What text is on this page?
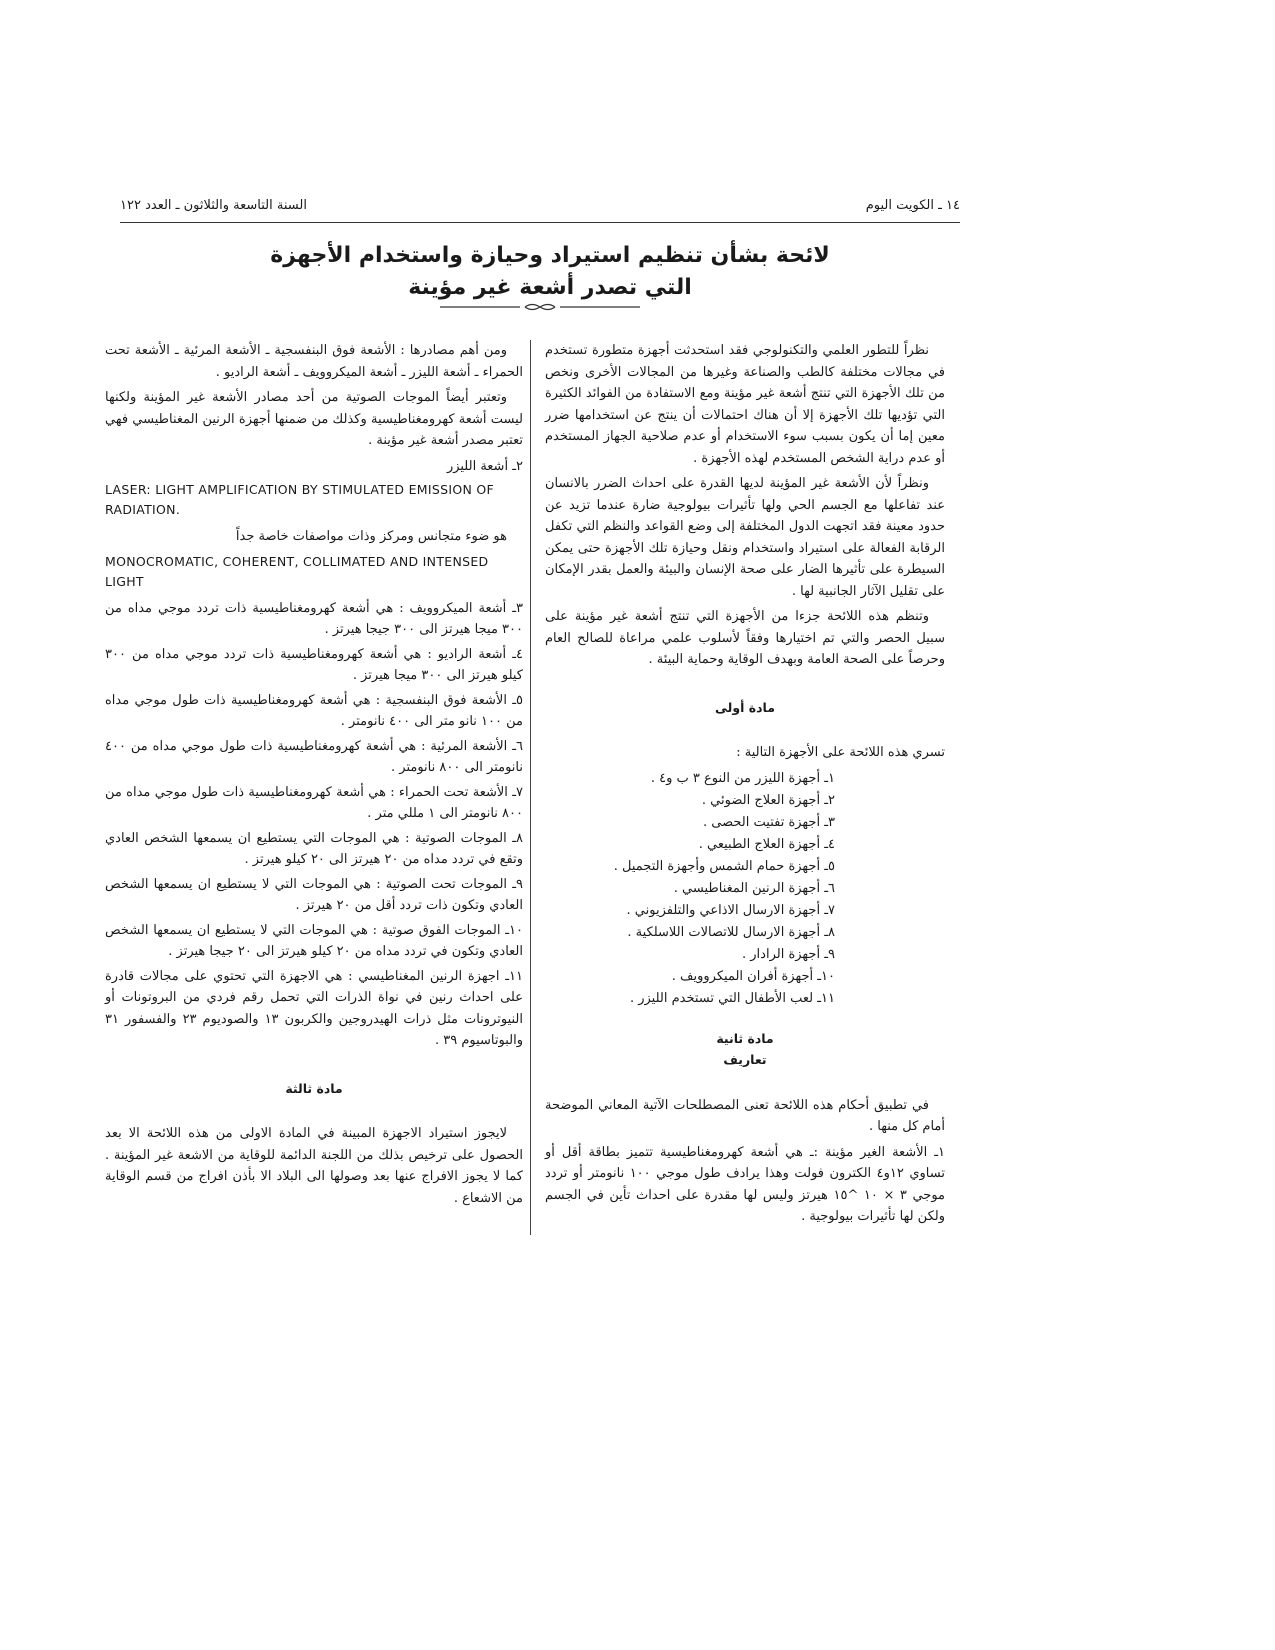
١٤ ـ الكويت اليوم
السنة التاسعة والثلاثون ـ العدد ١٢٢
لائحة بشأن تنظيم استيراد وحيازة واستخدام الأجهزة
التي تصدر أشعة غير مؤينة

نظراً للتطور العلمي والتكنولوجي فقد استحدثت أجهزة متطورة تستخدم في مجالات مختلفة كالطب والصناعة وغيرها من المجالات الأخرى ونخص من تلك الأجهزة التي تنتج أشعة غير مؤينة ومع الاستفادة من الفوائد الكثيرة التي تؤديها تلك الأجهزة إلا أن هناك احتمالات أن ينتج عن استخدامها ضرر معين إما أن يكون بسبب سوء الاستخدام أو عدم صلاحية الجهاز المستخدم أو عدم دراية الشخص المستخدم لهذه الأجهزة .

ونظراً لأن الأشعة غير المؤينة لديها القدرة على احداث الضرر بالانسان عند تفاعلها مع الجسم الحي ولها تأثيرات بيولوجية ضارة عندما تزيد عن حدود معينة فقد اتجهت الدول المختلفة إلى وضع القواعد والنظم التي تكفل الرقابة الفعالة على استيراد واستخدام ونقل وحيازة تلك الأجهزة حتى يمكن السيطرة على تأثيرها الضار على صحة الإنسان والبيئة والعمل بقدر الإمكان على تقليل الآثار الجانبية لها .

وتنظم هذه اللائحة جزءا من الأجهزة التي تنتج أشعة غير مؤينة على سبيل الحصر والتي تم اختيارها وفقاً لأسلوب علمي مراعاة للصالح العام وحرصاً على الصحة العامة وبهدف الوقاية وحماية البيئة .

مادة أولى

تسري هذه اللائحة على الأجهزة التالية :

١ـ أجهزة الليزر من النوع ٣ ب و٤ .
٢ـ أجهزة العلاج الضوئي .
٣ـ أجهزة تفتيت الحصى .
٤ـ أجهزة العلاج الطبيعي .
٥ـ أجهزة حمام الشمس وأجهزة التجميل .
٦ـ أجهزة الرنين المغناطيسي .
٧ـ أجهزة الارسال الاذاعي والتلفزيوني .
٨ـ أجهزة الارسال للاتصالات اللاسلكية .
٩ـ أجهزة الرادار .
١٠ـ أجهزة أفران الميكروويف .
١١ـ لعب الأطفال التي تستخدم الليزر .
مادة ثانية
تعاريف

في تطبيق أحكام هذه اللائحة تعنى المصطلحات الآتية المعاني الموضحة أمام كل منها .

١ـ الأشعة الغير مؤينة :ـ هي أشعة كهرومغناطيسية تتميز بطاقة أقل أو تساوي ١٢و٤ الكترون فولت وهذا يرادف طول موجي ١٠٠ نانومتر أو تردد موجي ٣ × ١٠ ^١٥ هيرتز وليس لها مقدرة على احداث تأين في الجسم ولكن لها تأثيرات بيولوجية .

ومن أهم مصادرها : الأشعة فوق البنفسجية ـ الأشعة المرئية ـ الأشعة تحت الحمراء ـ أشعة الليزر ـ أشعة الميكروويف ـ أشعة الراديو .

وتعتبر أيضاً الموجات الصوتية من أحد مصادر الأشعة غير المؤينة ولكنها ليست أشعة كهرومغناطيسية وكذلك من ضمنها أجهزة الرنين المغناطيسي فهي تعتبر مصدر أشعة غير مؤينة .

٢ـ أشعة الليزر

LASER: LIGHT AMPLIFICATION BY STIMULATED EMISSION OF RADIATION.

هو ضوء متجانس ومركز وذات مواصفات خاصة جداً

MONOCROMATIC, COHERENT, COLLIMATED AND INTENSED LIGHT

٣ـ أشعة الميكروويف : هي أشعة كهرومغناطيسية ذات تردد موجي مداه من ٣٠٠ ميجا هيرتز الى ٣٠٠ جيجا هيرتز .

٤ـ أشعة الراديو : هي أشعة كهرومغناطيسية ذات تردد موجي مداه من ٣٠٠ كيلو هيرتز الى ٣٠٠ ميجا هيرتز .

٥ـ الأشعة فوق البنفسجية : هي أشعة كهرومغناطيسية ذات طول موجي مداه من ١٠٠ نانو متر الى ٤٠٠ نانومتر .

٦ـ الأشعة المرئية : هي أشعة كهرومغناطيسية ذات طول موجي مداه من ٤٠٠ نانومتر الى ٨٠٠ نانومتر .

٧ـ الأشعة تحت الحمراء : هي أشعة كهرومغناطيسية ذات طول موجي مداه من ٨٠٠ نانومتر الى ١ مللي متر .

٨ـ الموجات الصوتية : هي الموجات التي يستطيع ان يسمعها الشخص العادي وتقع في تردد مداه من ٢٠ هيرتز الى ٢٠ كيلو هيرتز .

٩ـ الموجات تحت الصوتية : هي الموجات التي لا يستطيع ان يسمعها الشخص العادي وتكون ذات تردد أقل من ٢٠ هيرتز .

١٠ـ الموجات الفوق صوتية : هي الموجات التي لا يستطيع ان يسمعها الشخص العادي وتكون في تردد مداه من ٢٠ كيلو هيرتز الى ٢٠ جيجا هيرتز .

١١ـ اجهزة الرنين المغناطيسي : هي الاجهزة التي تحتوي على مجالات قادرة على احداث رنين في نواة الذرات التي تحمل رقم فردي من البروتونات أو النيوترونات مثل ذرات الهيدروجين والكربون ١٣ والصوديوم ٢٣ والفسفور ٣١ والبوتاسيوم ٣٩ .

مادة ثالثة

لايجوز استيراد الاجهزة المبينة في المادة الاولى من هذه اللائحة الا بعد الحصول على ترخيص بذلك من اللجنة الدائمة للوقاية من الاشعة غير المؤينة . كما لا يجوز الافراج عنها بعد وصولها الى البلاد الا بأذن افراج من قسم الوقاية من الاشعاع .
